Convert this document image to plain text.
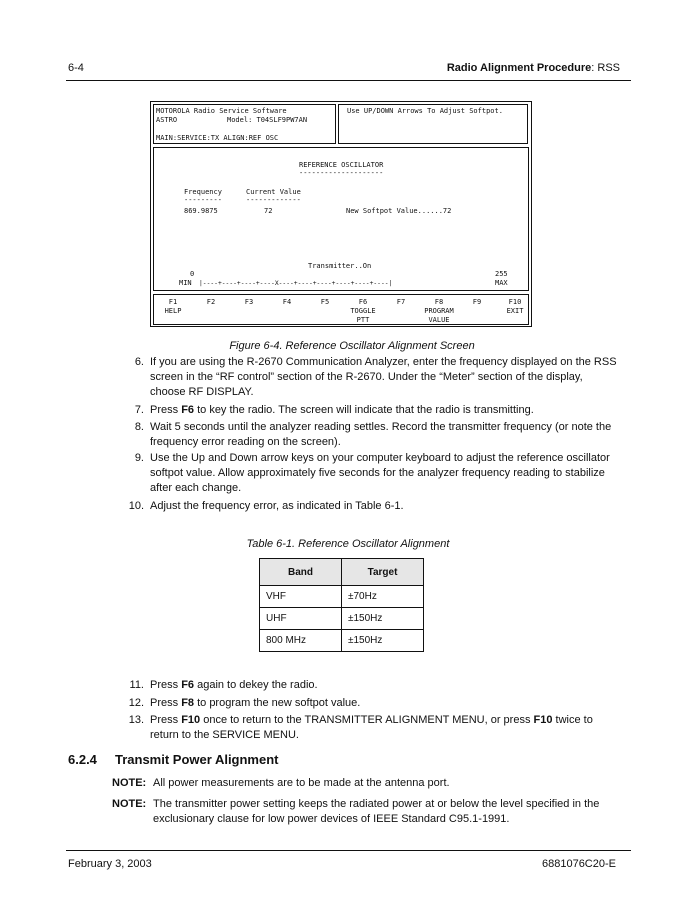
6-4	Radio Alignment Procedure: RSS
MOTOROLA Radio Service Software
ASTRO	Model: T04SLF9PW7AN
MAIN:SERVICE:TX ALIGN:REF OSC
Use UP/DOWN Arrows To Adjust Softpot.
REFERENCE OSCILLATOR
--------------------
Frequency
---------
Current Value
-------------
869.9875	72	New Softpot Value......72
Transmitter..On
0	255
MIN |----+----+----+----X----+----+----+----+----+----|	MAX
F1
HELP
F2	F3	F4	F5	F6
TOGGLE
PTT
F7	F8
PROGRAM
VALUE
F9	F10
EXIT
Figure 6-4. Reference Oscillator Alignment Screen
6. If you are using the R-2670 Communication Analyzer, enter the frequency displayed on the RSS screen in the “RF control” section of the R-2670. Under the “Meter” section of the display, choose RF DISPLAY.
7. Press F6 to key the radio. The screen will indicate that the radio is transmitting.
8. Wait 5 seconds until the analyzer reading settles. Record the transmitter frequency (or note the frequency error reading on the screen).
9. Use the Up and Down arrow keys on your computer keyboard to adjust the reference oscillator softpot value. Allow approximately five seconds for the analyzer frequency reading to stabilize after each change.
10. Adjust the frequency error, as indicated in Table 6-1.
Table 6-1. Reference Oscillator Alignment
Band	Target
VHF	±70Hz
UHF	±150Hz
800 MHz	±150Hz
11. Press F6 again to dekey the radio.
12. Press F8 to program the new softpot value.
13. Press F10 once to return to the TRANSMITTER ALIGNMENT MENU, or press F10 twice to return to the SERVICE MENU.
6.2.4 Transmit Power Alignment
NOTE: All power measurements are to be made at the antenna port.
NOTE: The transmitter power setting keeps the radiated power at or below the level specified in the exclusionary clause for low power devices of IEEE Standard C95.1-1991.
February 3, 2003	6881076C20-E
